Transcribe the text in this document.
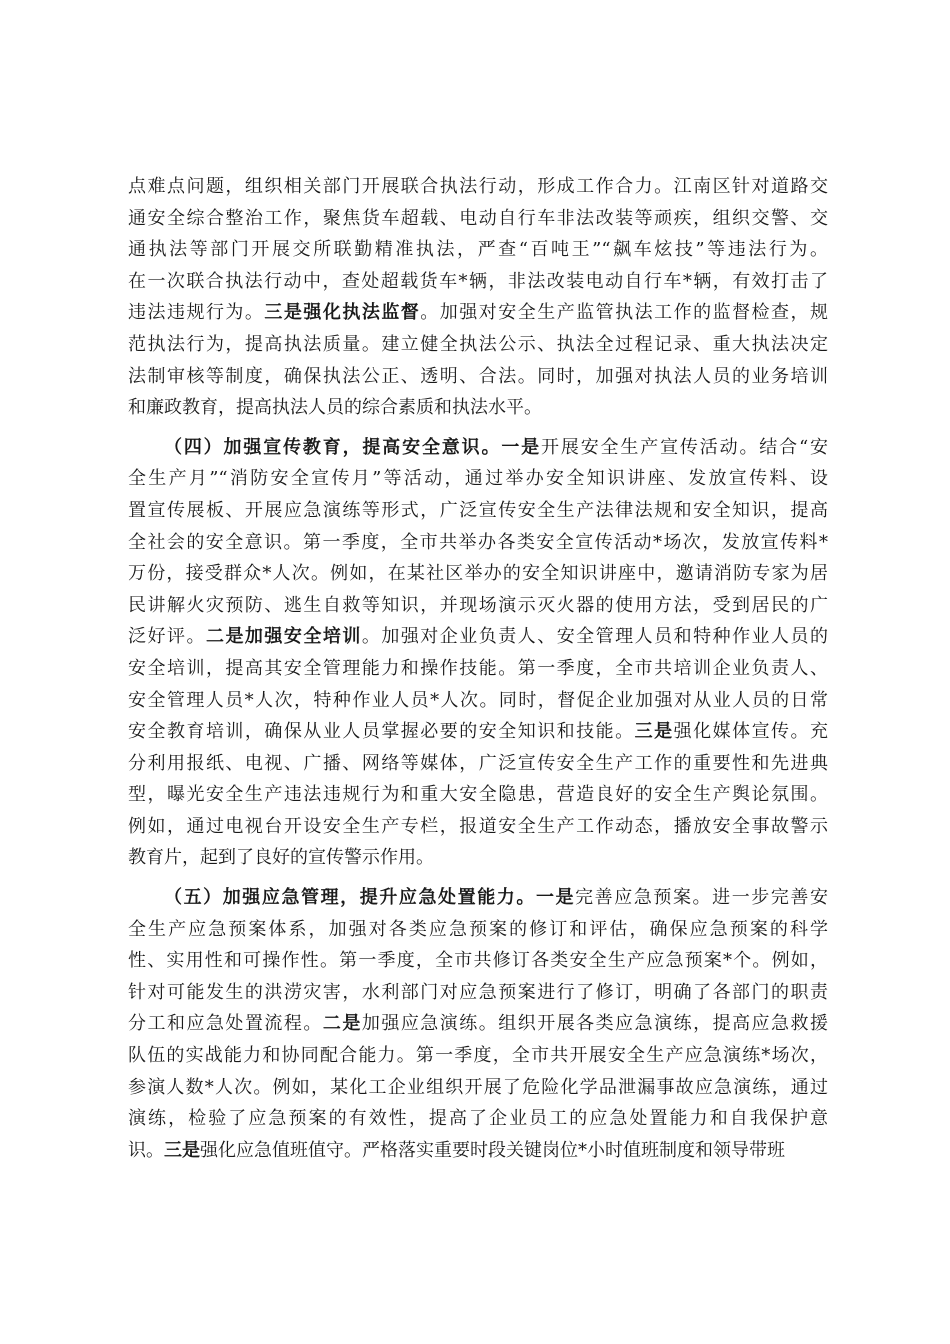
点难点问题，组织相关部门开展联合执法行动，形成工作合力。江南区针对道路交
通安全综合整治工作，聚焦货车超载、电动自行车非法改装等顽疾，组织交警、交
通执法等部门开展交所联勤精准执法，严查“百吨王”“飙车炫技”等违法行为。
在一次联合执法行动中，查处超载货车*辆，非法改装电动自行车*辆，有效打击了
违法违规行为。三是强化执法监督。加强对安全生产监管执法工作的监督检查，规
范执法行为，提高执法质量。建立健全执法公示、执法全过程记录、重大执法决定
法制审核等制度，确保执法公正、透明、合法。同时，加强对执法人员的业务培训
和廉政教育，提高执法人员的综合素质和执法水平。
（四）加强宣传教育，提高安全意识。一是开展安全生产宣传活动。结合“安
全生产月”“消防安全宣传月”等活动，通过举办安全知识讲座、发放宣传料、设
置宣传展板、开展应急演练等形式，广泛宣传安全生产法律法规和安全知识，提高
全社会的安全意识。第一季度，全市共举办各类安全宣传活动*场次，发放宣传料*
万份，接受群众*人次。例如，在某社区举办的安全知识讲座中，邀请消防专家为居
民讲解火灾预防、逃生自救等知识，并现场演示灭火器的使用方法，受到居民的广
泛好评。二是加强安全培训。加强对企业负责人、安全管理人员和特种作业人员的
安全培训，提高其安全管理能力和操作技能。第一季度，全市共培训企业负责人、
安全管理人员*人次，特种作业人员*人次。同时，督促企业加强对从业人员的日常
安全教育培训，确保从业人员掌握必要的安全知识和技能。三是强化媒体宣传。充
分利用报纸、电视、广播、网络等媒体，广泛宣传安全生产工作的重要性和先进典
型，曝光安全生产违法违规行为和重大安全隐患，营造良好的安全生产舆论氛围。
例如，通过电视台开设安全生产专栏，报道安全生产工作动态，播放安全事故警示
教育片，起到了良好的宣传警示作用。
（五）加强应急管理，提升应急处置能力。一是完善应急预案。进一步完善安
全生产应急预案体系，加强对各类应急预案的修订和评估，确保应急预案的科学
性、实用性和可操作性。第一季度，全市共修订各类安全生产应急预案*个。例如，
针对可能发生的洪涝灾害，水利部门对应急预案进行了修订，明确了各部门的职责
分工和应急处置流程。二是加强应急演练。组织开展各类应急演练，提高应急救援
队伍的实战能力和协同配合能力。第一季度，全市共开展安全生产应急演练*场次，
参演人数*人次。例如，某化工企业组织开展了危险化学品泄漏事故应急演练，通过
演练，检验了应急预案的有效性，提高了企业员工的应急处置能力和自我保护意
识。三是强化应急值班值守。严格落实重要时段关键岗位*小时值班制度和领导带班
